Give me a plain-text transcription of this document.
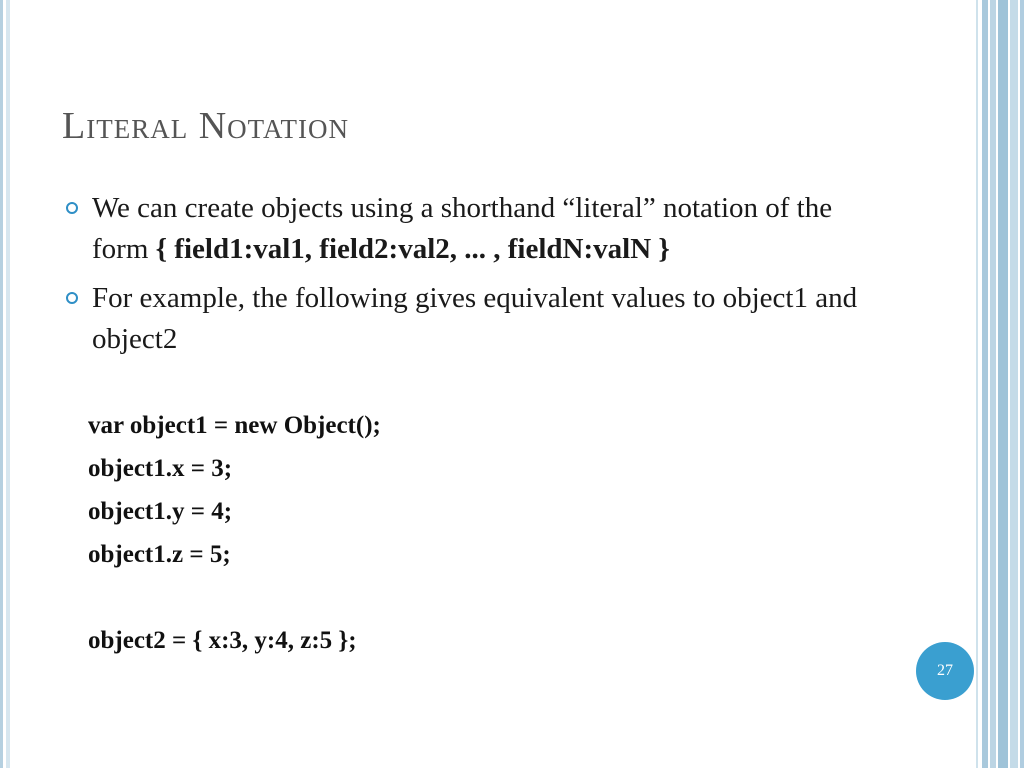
Literal Notation
We can create objects using a shorthand “literal” notation of the form { field1:val1, field2:val2, ... , fieldN:valN }
For example, the following gives equivalent values to object1 and object2
var object1 = new Object();
object1.x = 3;
object1.y = 4;
object1.z = 5;
object2 = { x:3, y:4, z:5 };
27
